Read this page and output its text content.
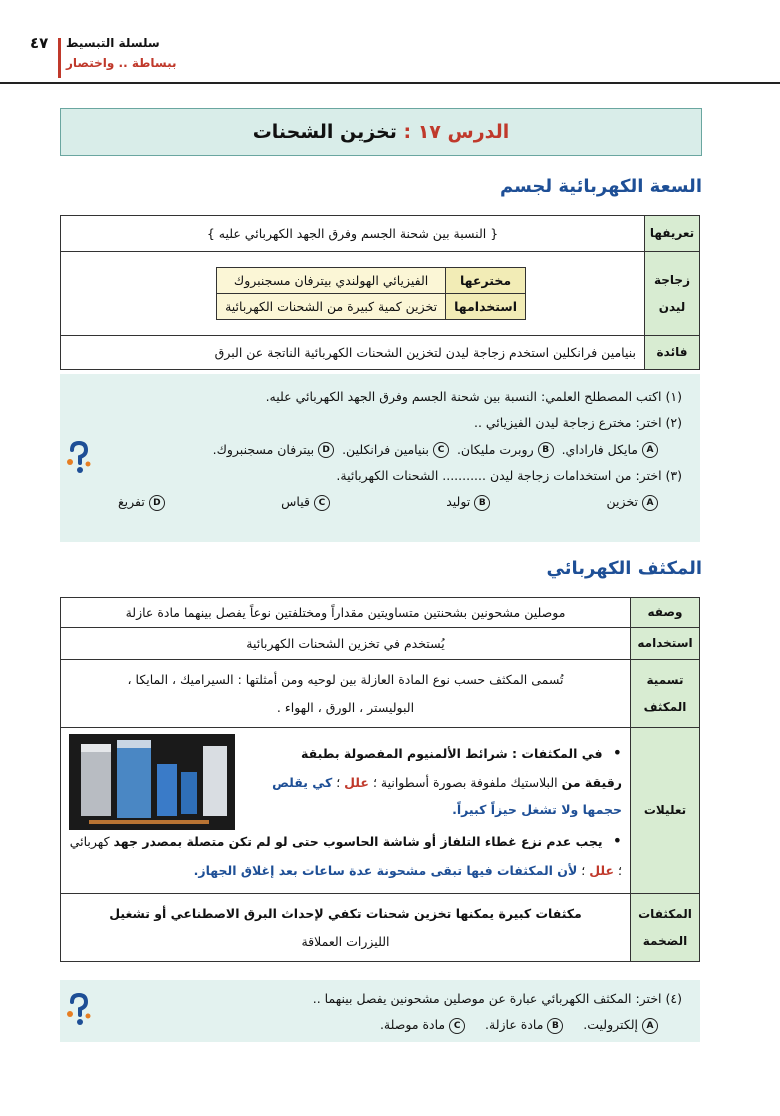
٤٧ سلسلة التبسيط
ببساطة .. واختصار
الدرس ١٧ :

تخزين الشحنات
السعة الكهربائية لجسم
تعريفها	{ النسبة بين شحنة الجسم وفرق الجهد الكهربائي عليه }
زجاجة ليدن	
مخترعها	الفيزيائي الهولندي بيترفان مسجنبروك
استخدامها	تخزين كمية كبيرة من الشحنات الكهربائية

فائدة	بنيامين فرانكلين استخدم زجاجة ليدن لتخزين الشحنات الكهربائية الناتجة عن البرق

(١) اكتب المصطلح العلمي: النسبة بين شحنة الجسم وفرق الجهد الكهربائي عليه.

(٢) اختر: مخترع زجاجة ليدن الفيزيائي ..

Aمايكل فاراداي.  Bروبرت مليكان.  Cبنيامين فرانكلين.  Dبيترفان مسجنبروك.

(٣) اختر: من استخدامات زجاجة ليدن ........... الشحنات الكهربائية.

Aتخزين
Bتوليد
Cقياس
Dتفريغ

المكثف الكهربائي
وصفه	موصلين مشحونين بشحنتين متساويتين مقداراً ومختلفتين نوعاً يفصل بينهما مادة عازلة
استخدامه	يُستخدم في تخزين الشحنات الكهربائية
تسمية المكثف	تُسمى المكثف حسب نوع المادة العازلة بين لوحيه ومن أمثلتها : السيراميك ، المايكا ،
البوليستر ، الورق ، الهواء .

تعليلات	• في المكثفات : شرائط الألمنيوم المفصولة بطبقة رقيقة من البلاستيك ملفوفة بصورة أسطوانية ؛ علل ؛ كي يقلص حجمها ولا تشغل حيزاً كبيراً.
• يجب عدم نزع غطاء التلفاز أو شاشة الحاسوب حتى لو لم تكن متصلة بمصدر جهد كهربائي ؛ علل ؛ لأن المكثفات فيها تبقى مشحونة عدة ساعات بعد إغلاق الجهاز.

المكثفات الضخمة	مكثفات كبيرة يمكنها تخزين شحنات تكفي لإحداث البرق الاصطناعي أو تشغيل
الليزرات العملاقة

(٤) اختر: المكثف الكهربائي عبارة عن موصلين مشحونين يفصل بينهما ..

Aإلكتروليت.     Bمادة عازلة.     Cمادة موصلة.
